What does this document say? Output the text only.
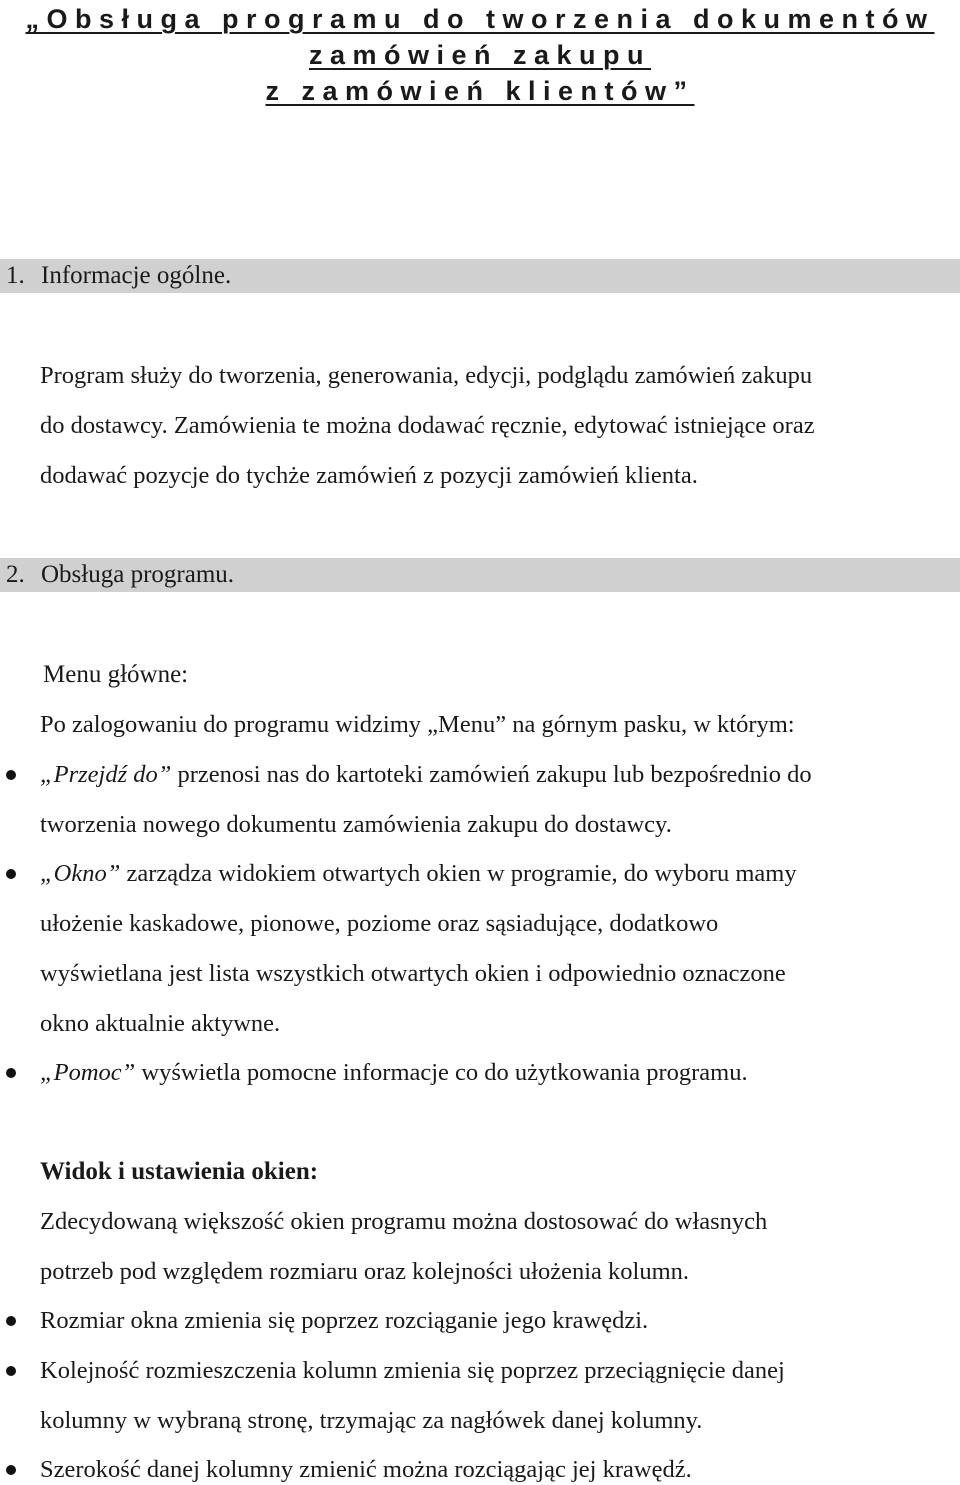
„Obsługa programu do tworzenia dokumentów
zamówień zakupu
z zamówień klientów”
1. Informacje ogólne.
Program służy do tworzenia, generowania, edycji, podglądu zamówień zakupu
do dostawcy. Zamówienia te można dodawać ręcznie, edytować istniejące oraz
dodawać pozycje do tychże zamówień z pozycji zamówień klienta.
2. Obsługa programu.
Menu główne:
Po zalogowaniu do programu widzimy „Menu” na górnym pasku, w którym:
„Przejdź do” przenosi nas do kartoteki zamówień zakupu lub bezpośrednio do
tworzenia nowego dokumentu zamówienia zakupu do dostawcy.
„Okno” zarządza widokiem otwartych okien w programie, do wyboru mamy
ułożenie kaskadowe, pionowe, poziome oraz sąsiadujące, dodatkowo
wyświetlana jest lista wszystkich otwartych okien i odpowiednio oznaczone
okno aktualnie aktywne.
„Pomoc” wyświetla pomocne informacje co do użytkowania programu.
Widok i ustawienia okien:
Zdecydowaną większość okien programu można dostosować do własnych
potrzeb pod względem rozmiaru oraz kolejności ułożenia kolumn.
Rozmiar okna zmienia się poprzez rozciąganie jego krawędzi.
Kolejność rozmieszczenia kolumn zmienia się poprzez przeciągnięcie danej
kolumny w wybraną stronę, trzymając za nagłówek danej kolumny.
Szerokość danej kolumny zmienić można rozciągając jej krawędź.
